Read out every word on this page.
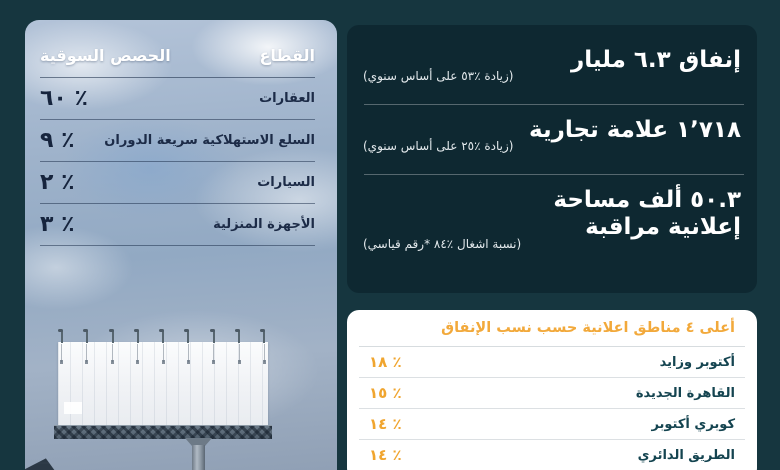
القطاع
الحصص السوقية
العقارات
٦٠ ٪
السلع الاستهلاكية سريعة الدوران
٩ ٪
السيارات
٢ ٪
الأجهزة المنزلية
٣ ٪
إنفاق ٦.٣ مليار
(زيادة ٪٥٣ على أساس سنوي)
١٬٧١٨ علامة تجارية
(زيادة ٪٢٥ على أساس سنوي)
٥٠.٣ ألف مساحة إعلانية مراقبة
(نسبة اشغال ٪٨٤ *رقم قياسي)
أعلى ٤ مناطق اعلانية حسب نسب الإنفاق
أكتوبر وزايد
١٨ ٪
القاهرة الجديدة
١٥ ٪
كوبري أكتوبر
١٤ ٪
الطريق الدائري
١٤ ٪
